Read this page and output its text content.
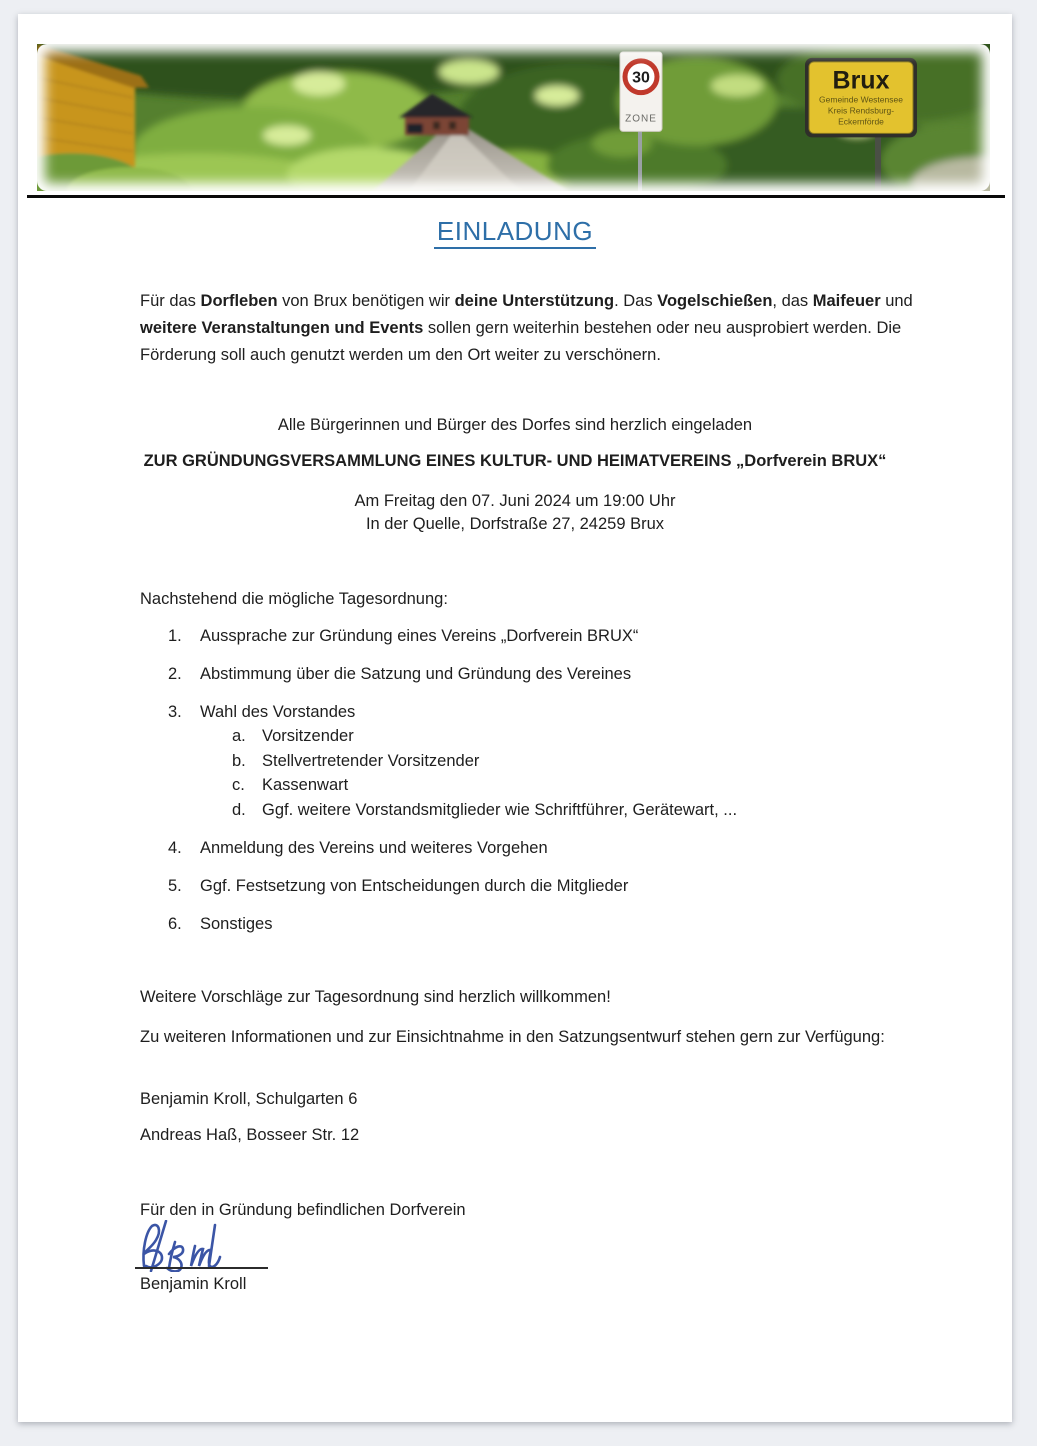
30
ZONE
Brux
Gemeinde Westensee
Kreis Rendsburg-
Eckernförde
EINLADUNG

Für das Dorfleben von Brux benötigen wir deine Unterstützung. Das Vogelschießen, das Maifeuer und weitere Veranstaltungen und Events sollen gern weiterhin bestehen oder neu ausprobiert werden. Die Förderung soll auch genutzt werden um den Ort weiter zu verschönern.

Alle Bürgerinnen und Bürger des Dorfes sind herzlich eingeladen
ZUR GRÜNDUNGSVERSAMMLUNG EINES KULTUR- UND HEIMATVEREINS „Dorfverein BRUX“
Am Freitag den 07. Juni 2024 um 19:00 Uhr
In der Quelle, Dorfstraße 27, 24259 Brux
Nachstehend die mögliche Tagesordnung:
1. Aussprache zur Gründung eines Vereins „Dorfverein BRUX“
2. Abstimmung über die Satzung und Gründung des Vereines
3. Wahl des Vorstandes
a. Vorsitzender
b. Stellvertretender Vorsitzender
c. Kassenwart
d. Ggf. weitere Vorstandsmitglieder wie Schriftführer, Gerätewart, ...
4. Anmeldung des Vereins und weiteres Vorgehen
5. Ggf. Festsetzung von Entscheidungen durch die Mitglieder
6. Sonstiges
Weitere Vorschläge zur Tagesordnung sind herzlich willkommen!

Zu weiteren Informationen und zur Einsichtnahme in den Satzungsentwurf stehen gern zur Verfügung:

Benjamin Kroll, Schulgarten 6
Andreas Haß, Bosseer Str. 12
Für den in Gründung befindlichen Dorfverein
Benjamin Kroll
